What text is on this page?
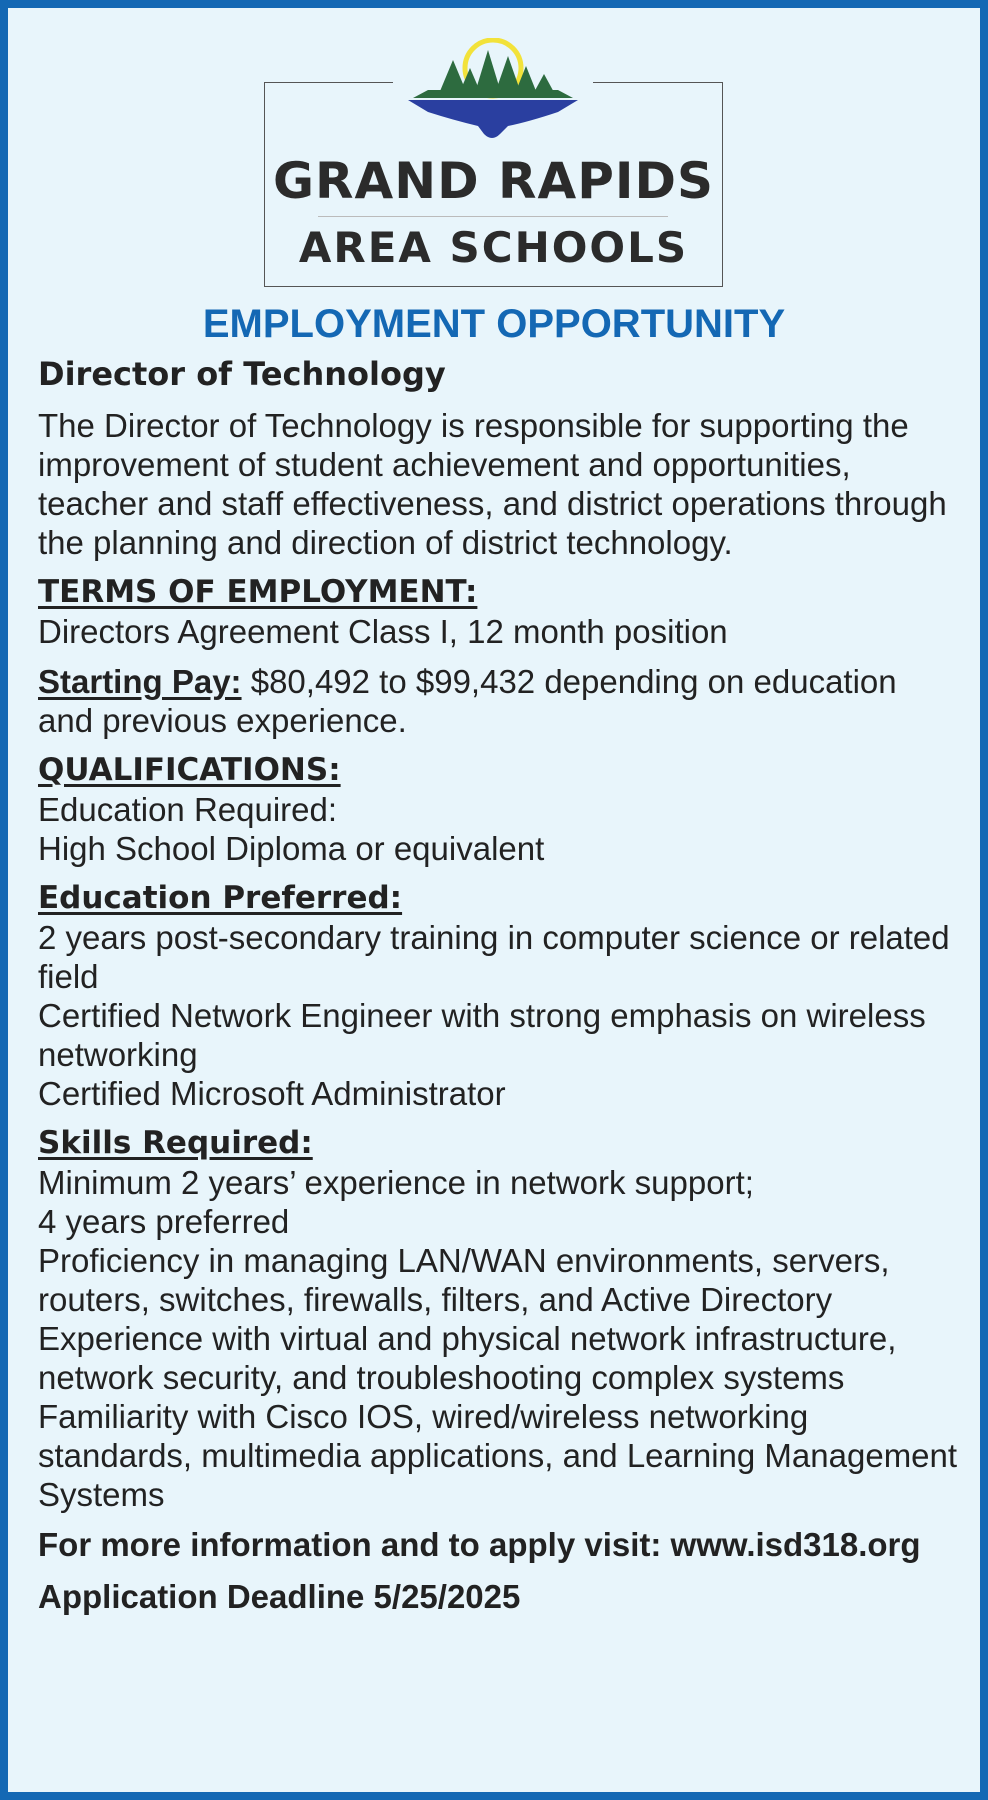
GRAND RAPIDS
AREA SCHOOLS
EMPLOYMENT OPPORTUNITY
Director of Technology

The Director of Technology is responsible for supporting the improvement of student achievement and opportunities, teacher and staff effectiveness, and district operations through the planning and direction of district technology.

TERMS OF EMPLOYMENT:
Directors Agreement Class I, 12 month position
Starting Pay: $80,492 to $99,432 depending on education and previous experience.
QUALIFICATIONS:
Education Required:
High School Diploma or equivalent
Education Preferred:
2 years post-secondary training in computer science or related field
Certified Network Engineer with strong emphasis on wireless networking
Certified Microsoft Administrator
Skills Required:
Minimum 2 years’ experience in network support;
4 years preferred
Proficiency in managing LAN/WAN environments, servers, routers, switches, firewalls, filters, and Active Directory
Experience with virtual and physical network infrastructure, network security, and troubleshooting complex systems
Familiarity with Cisco IOS, wired/wireless networking standards, multimedia applications, and Learning Management Systems
For more information and to apply visit: www.isd318.org
Application Deadline 5/25/2025
